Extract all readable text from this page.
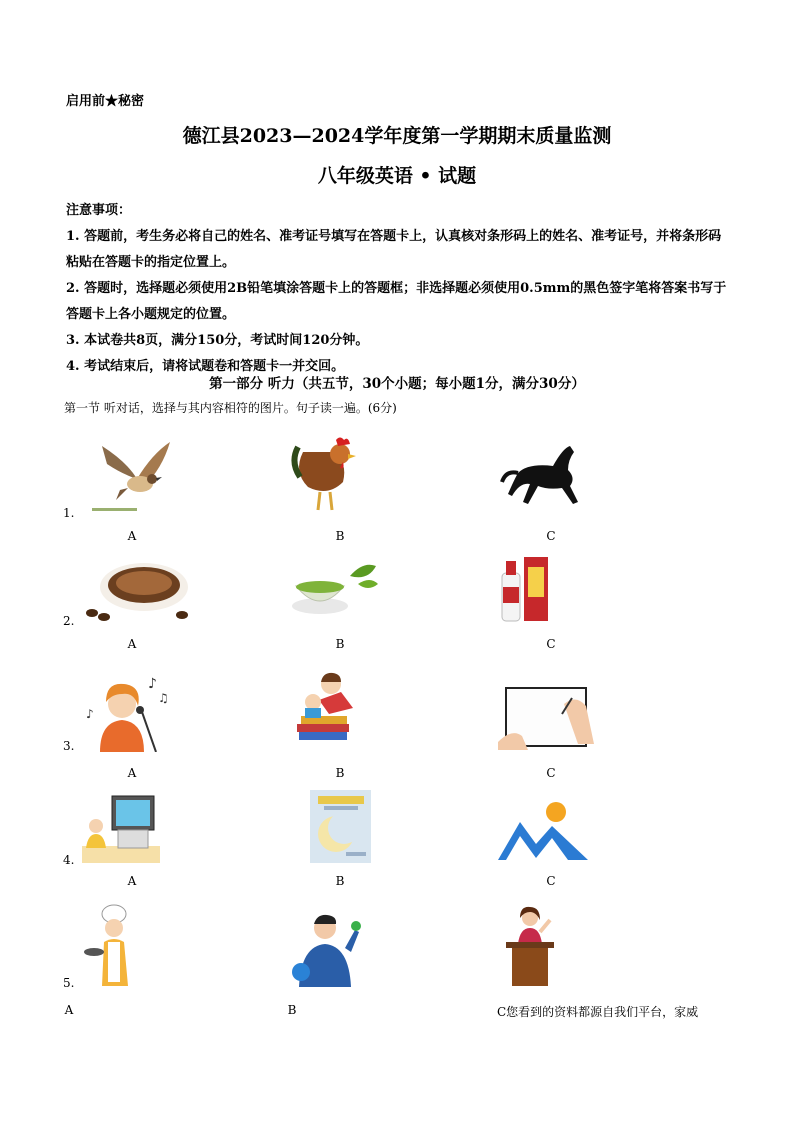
启用前★秘密
德江县2023—2024学年度第一学期期末质量监测
八年级英语 • 试题

注意事项：

1. 答题前，考生务必将自己的姓名、准考证号填写在答题卡上，认真核对条形码上的姓名、准考证号，并将条形码粘贴在答题卡的指定位置上。

2. 答题时，选择题必须使用2B铅笔填涂答题卡上的答题框；非选择题必须使用0.5mm的黑色签字笔将答案书写于答题卡上各小题规定的位置。

3. 本试卷共8页，满分150分，考试时间120分钟。

4. 考试结束后，请将试题卷和答题卡一并交回。

第一部分 听力（共五节，30个小题；每小题1分，满分30分）
第一节 听对话，选择与其内容相符的图片。句子读一遍。(6分)
1.
A	B	C
2.
A	B	C
♪
♫
♪
3.
A	B	C
4.
A	B	C
5.
A	B	C您看到的资料都源自我们平台，家威
